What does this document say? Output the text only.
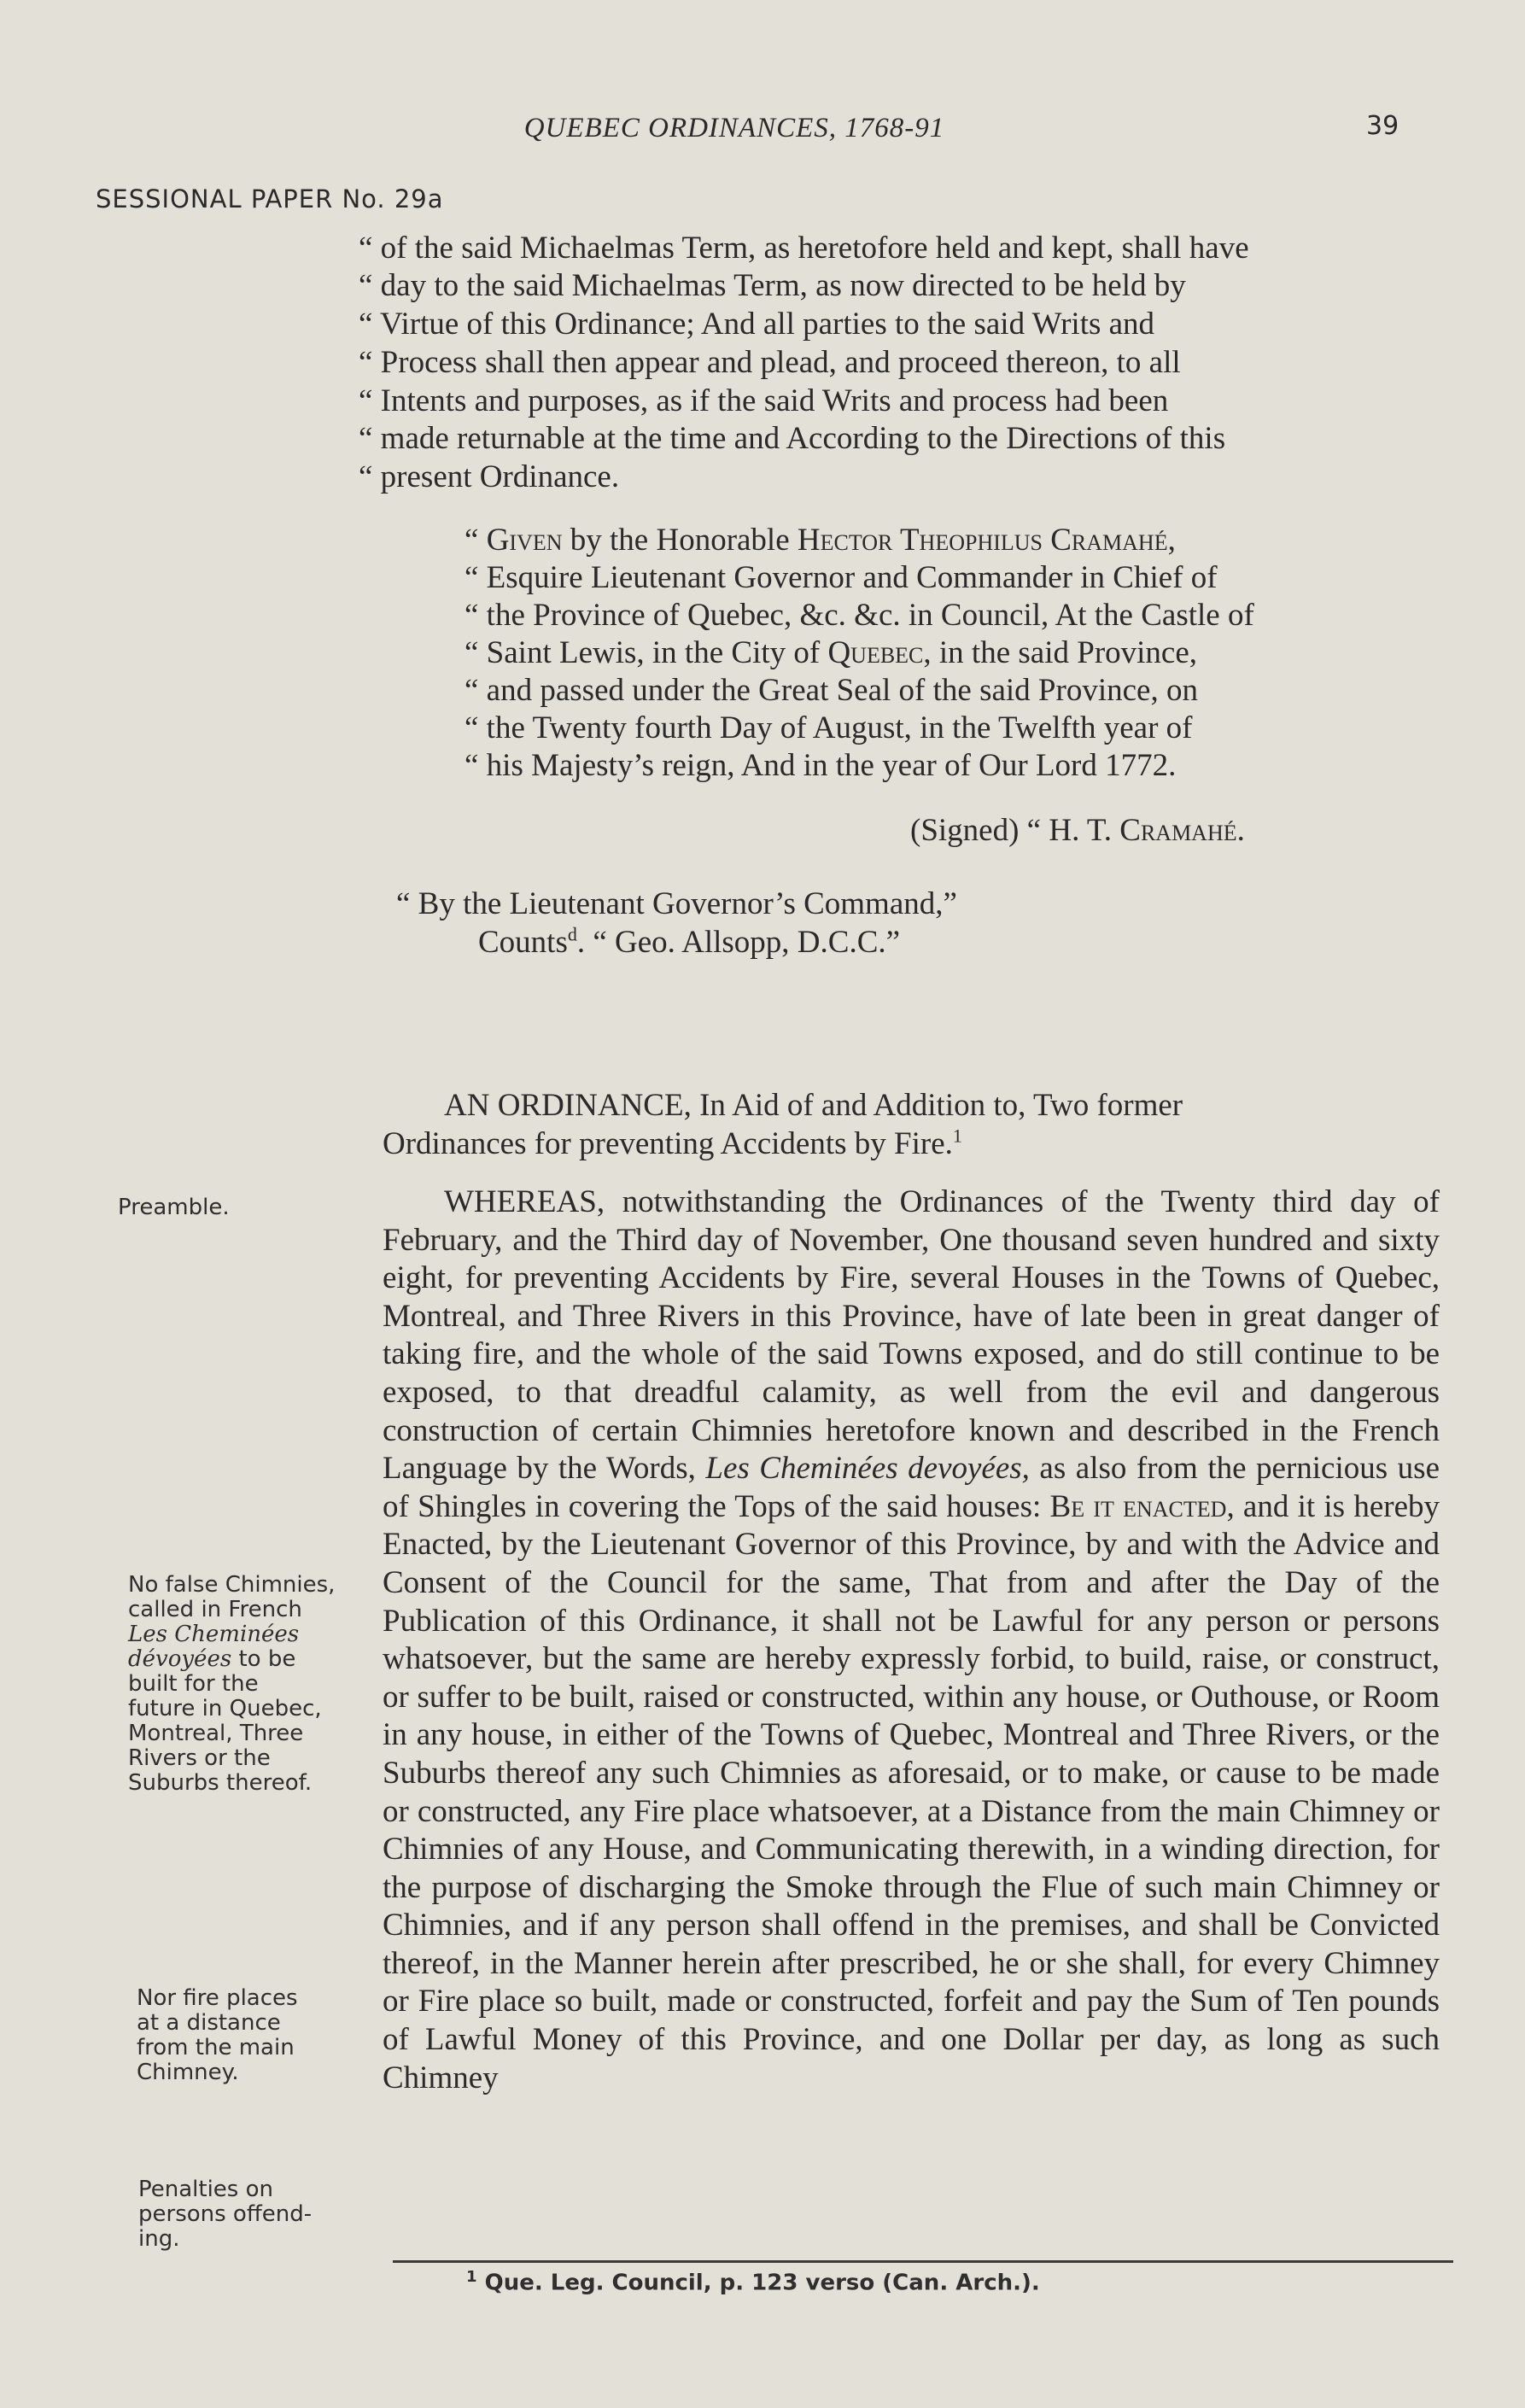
QUEBEC ORDINANCES, 1768-91	39
SESSIONAL PAPER No. 29a
“ of the said Michaelmas Term, as heretofore held and kept, shall have
“ day to the said Michaelmas Term, as now directed to be held by
“ Virtue of this Ordinance; And all parties to the said Writs and
“ Process shall then appear and plead, and proceed thereon, to all
“ Intents and purposes, as if the said Writs and process had been
“ made returnable at the time and According to the Directions of this
“ present Ordinance.
“ Given by the Honorable Hector Theophilus Cramahé,
“ Esquire Lieutenant Governor and Commander in Chief of
“ the Province of Quebec, &c. &c. in Council, At the Castle of
“ Saint Lewis, in the City of Quebec, in the said Province,
“ and passed under the Great Seal of the said Province, on
“ the Twenty fourth Day of August, in the Twelfth year of
“ his Majesty’s reign, And in the year of Our Lord 1772.
(Signed) “ H. T. Cramahé.
“ By the Lieutenant Governor’s Command,”
Counts$^d$. “ Geo. Allsopp, D.C.C.”
AN ORDINANCE, In Aid of and Addition to, Two former
Ordinances for preventing Accidents by Fire.$^1$
WHEREAS, notwithstanding the Ordinances of the Twenty third day of February, and the Third day of November, One thousand seven hundred and sixty eight, for preventing Accidents by Fire, several Houses in the Towns of Quebec, Montreal, and Three Rivers in this Province, have of late been in great danger of taking fire, and the whole of the said Towns exposed, and do still continue to be exposed, to that dreadful calamity, as well from the evil and dangerous construction of certain Chimnies heretofore known and described in the French Language by the Words, Les Cheminées devoyées, as also from the pernicious use of Shingles in covering the Tops of the said houses: Be it enacted, and it is hereby Enacted, by the Lieutenant Governor of this Province, by and with the Advice and Consent of the Council for the same, That from and after the Day of the Publication of this Ordinance, it shall not be Lawful for any person or persons whatsoever, but the same are hereby expressly forbid, to build, raise, or construct, or suffer to be built, raised or constructed, within any house, or Outhouse, or Room in any house, in either of the Towns of Quebec, Montreal and Three Rivers, or the Suburbs thereof any such Chimnies as aforesaid, or to make, or cause to be made or constructed, any Fire place whatsoever, at a Distance from the main Chimney or Chimnies of any House, and Communicating therewith, in a winding direction, for the purpose of discharging the Smoke through the Flue of such main Chimney or Chimnies, and if any person shall offend in the premises, and shall be Convicted thereof, in the Manner herein after prescribed, he or she shall, for every Chimney or Fire place so built, made or constructed, forfeit and pay the Sum of Ten pounds of Lawful Money of this Province, and one Dollar per day, as long as such Chimney
Preamble.
No false Chimnies,
called in French
Les Cheminées
dévoyées to be
built for the
future in Quebec,
Montreal, Three
Rivers or the
Suburbs thereof.
Nor fire places
at a distance
from the main
Chimney.
Penalties on
persons offend-
ing.
$^1$ Que. Leg. Council, p. 123 verso (Can. Arch.).
